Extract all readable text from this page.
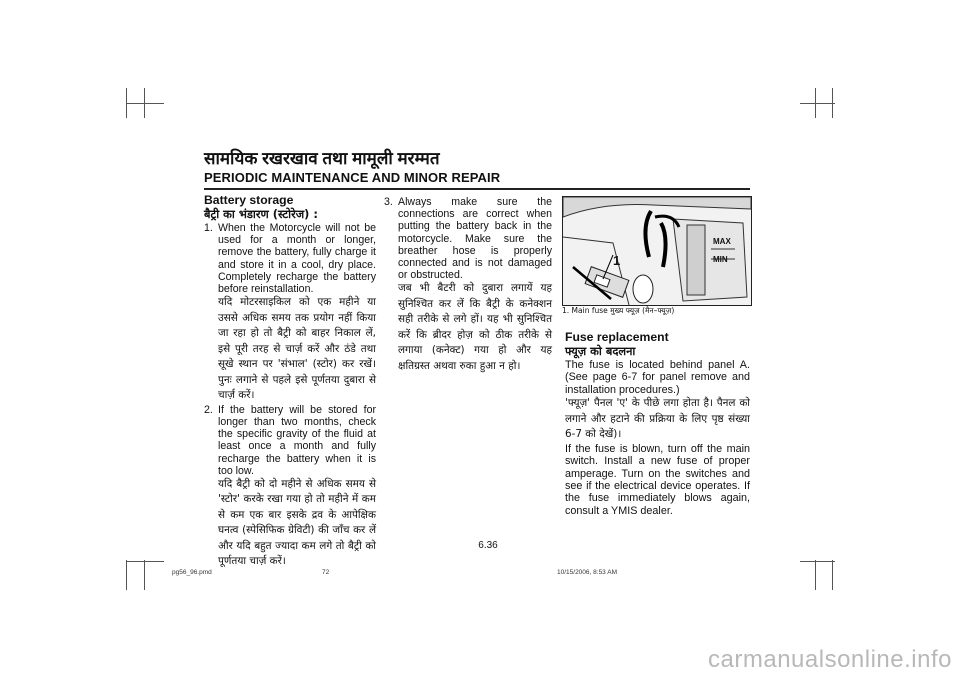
सामयिक रखरखाव तथा मामूली मरम्मत
PERIODIC MAINTENANCE AND MINOR REPAIR

Battery storage

बैट्री का भंडारण (स्टोरेज) :

1. When the Motorcycle will not be used for a month or longer, remove the battery, fully charge it and store it in a cool, dry place. Completely recharge the battery before reinstallation.

यदि मोटरसाइकिल को एक महीने या उससे अधिक समय तक प्रयोग नहीं किया जा रहा हो तो बैट्री को बाहर निकाल लें, इसे पूरी तरह से चार्ज़ करें और ठंडे तथा सूखे स्थान पर 'संभाल' (स्टोर) कर रखें। पुनः लगाने से पहले इसे पूर्णतया दुबारा से चार्ज़ करें।

2. If the battery will be stored for longer than two months, check the specific gravity of the fluid at least once a month and fully recharge the battery when it is too low.

यदि बैट्री को दो महीने से अधिक समय से 'स्टोर' करके रखा गया हो तो महीने में कम से कम एक बार इसके द्रव के आपेक्षिक घनत्व (स्पेसिफिक ग्रेविटी) की जाँच कर लें और यदि बहुत ज्यादा कम लगे तो बैट्री को पूर्णतया चार्ज़ करें।

3. Always make sure the connections are correct when putting the battery back in the motorcycle. Make sure the breather hose is properly connected and is not damaged or obstructed.

जब भी बैटरी को दुबारा लगायें यह सुनिश्चित कर लें कि बैट्री के कनेक्शन सही तरीके से लगे हों। यह भी सुनिश्चित करें कि ब्रीदर होज़ को ठीक तरीके से लगाया (कनेक्ट) गया हो और यह क्षतिग्रस्त अथवा रुका हुआ न हो।

1
MAX
MIN
1. Main fuse मुख्य फ्यूज़ (मैन–फ्यूज़)

Fuse replacement

फ्यूज़ को बदलना

The fuse is located behind panel A. (See page 6-7 for panel remove and installation procedures.)

'फ्यूज़' पैनल 'ए' के पीछे लगा होता है। पैनल को लगाने और हटाने की प्रक्रिया के लिए पृष्ठ संख्या 6-7 को देखें)।

If the fuse is blown, turn off the main switch. Install a new fuse of proper amperage. Turn on the switches and see if the electrical device operates. If the fuse immediately blows again, consult a YMIS dealer.

6.36
pg56_96.pmd	72	10/15/2006, 8:53 AM
carmanualsonline.info
